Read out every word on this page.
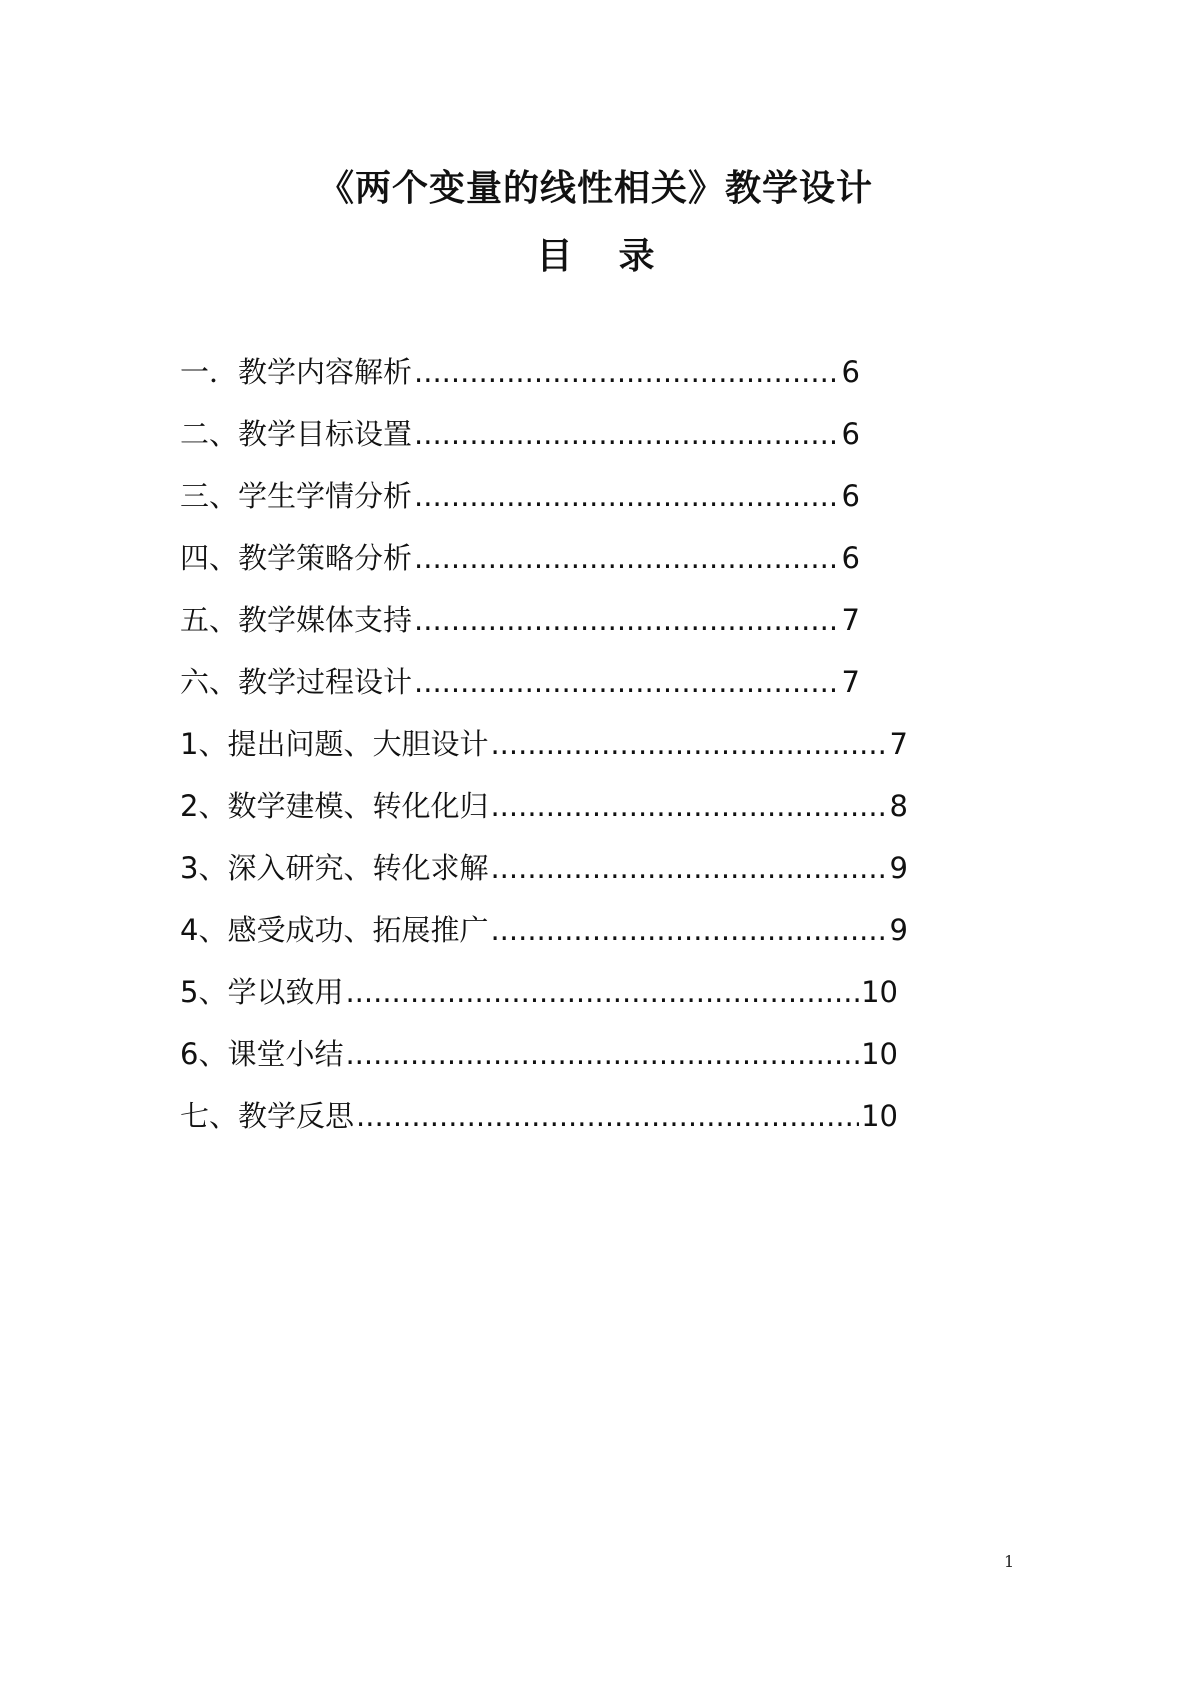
《两个变量的线性相关》教学设计
目 录
一．教学内容解析 .....	6
二、教学目标设置 .....	6
三、学生学情分析 .....	6
四、教学策略分析 .....	6
五、教学媒体支持 .....	7
六、教学过程设计 .....	7
1、提出问题、大胆设计 .....	7
2、数学建模、转化化归 .....	8
3、深入研究、转化求解 .....	9
4、感受成功、拓展推广 .....	9
5、学以致用 .....	10
6、课堂小结 .....	10
七、教学反思 .....	10
1
